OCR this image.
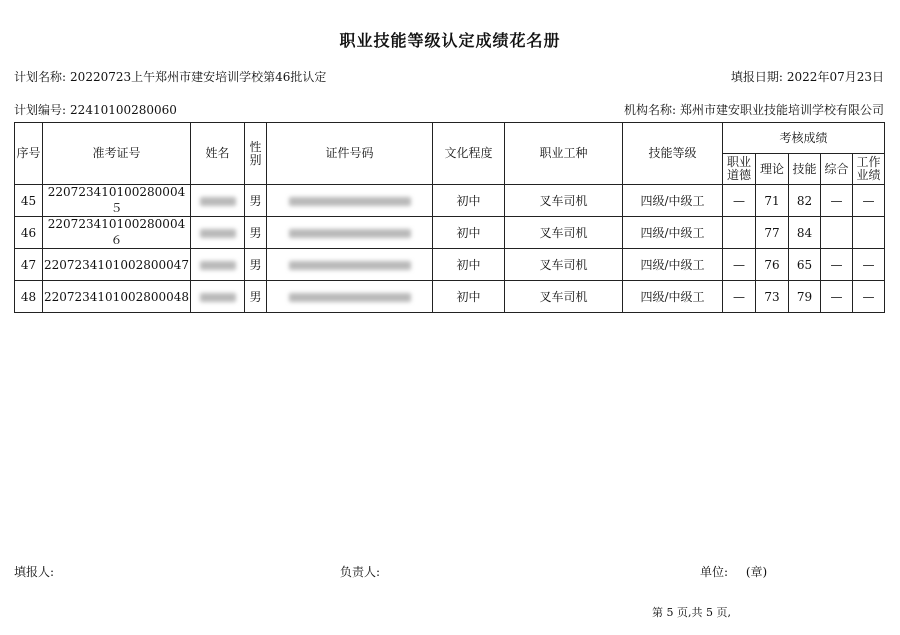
职业技能等级认定成绩花名册
计划名称: 20220723上午郑州市建安培训学校第46批认定	填报日期: 2022年07月23日
计划编号: 22410100280060	机构名称: 郑州市建安职业技能培训学校有限公司
序号	准考证号	姓名	性别	证件号码	文化程度	职业工种	技能等级	考核成绩				
								职业道德	理论	技能	综合	工作业绩
45	220723410100280004５		男		初中	叉车司机	四级/中级工	—	71	82	—	—
46	220723410100280004６		男		初中	叉车司机	四级/中级工		77	84		
47	2207234101002800047		男		初中	叉车司机	四级/中级工	—	76	65	—	—
48	2207234101002800048		男		初中	叉车司机	四级/中级工	—	73	79	—	—
填报人:	负责人:	单位: (章)
第 5 页,共 5 页,
